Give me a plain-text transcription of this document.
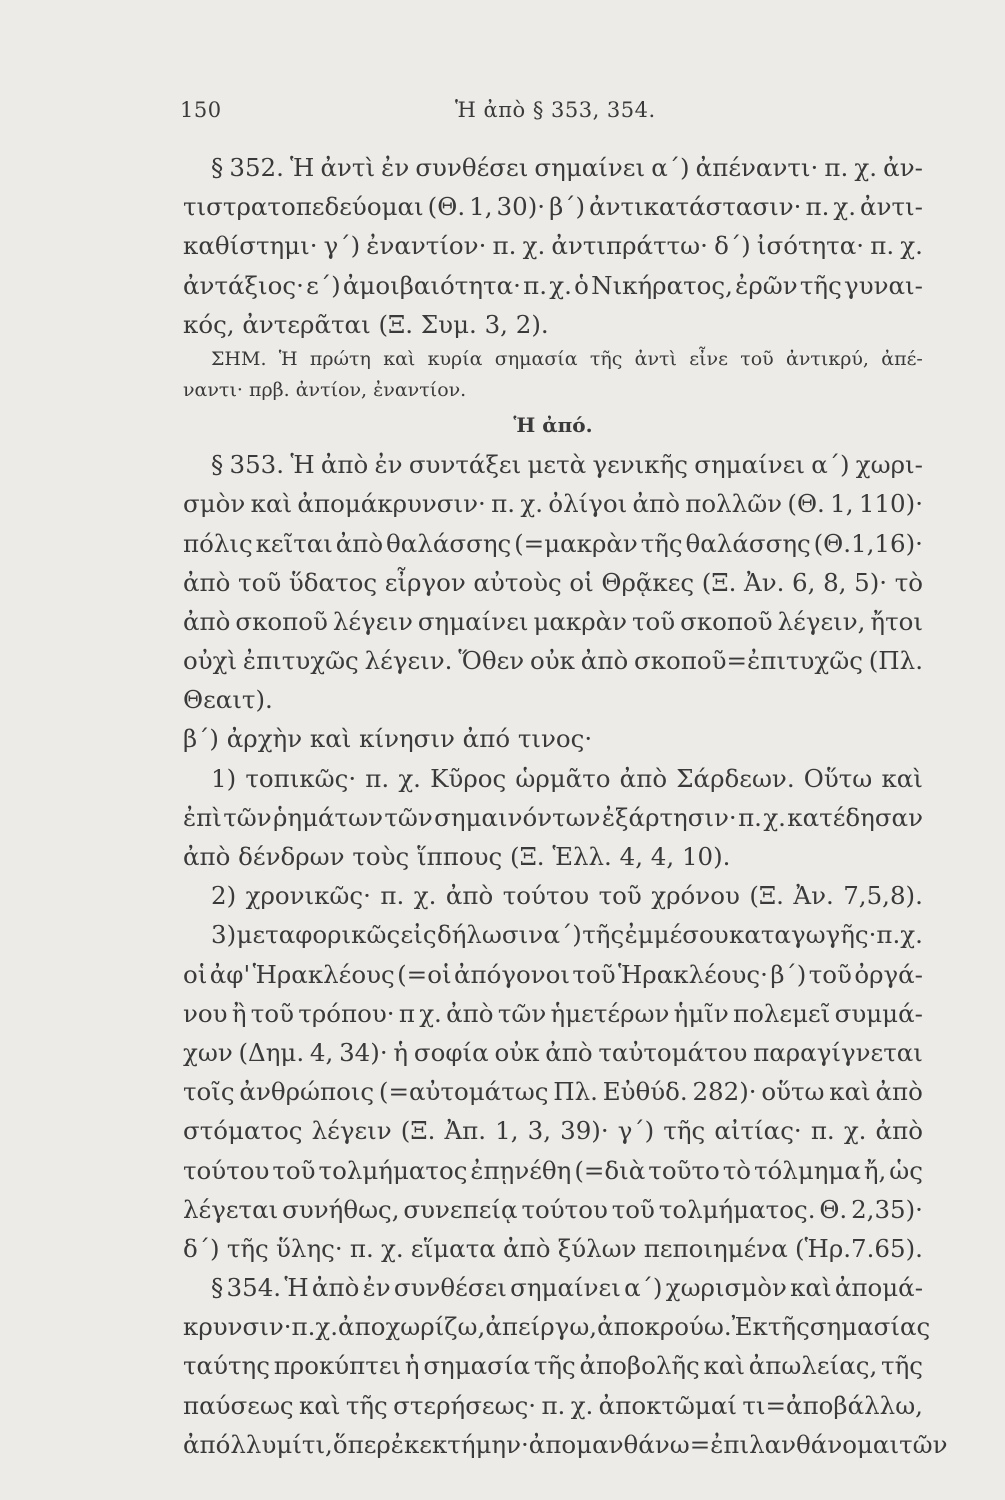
150	Ἡ ἀπὸ § 353, 354.
§ 352. Ἡ ἀντὶ ἐν συνθέσει σημαίνει α΄) ἀπέναντι· π. χ. ἀν-
τιστρατοπεδεύομαι (Θ. 1, 30)· β΄) ἀντικατάστασιν· π. χ. ἀντι-
καθίστημι· γ΄) ἐναντίον· π. χ. ἀντιπράττω· δ΄) ἰσότητα· π. χ.
ἀντάξιος· ε΄) ἀμοιβαιότητα· π. χ. ὁ Νικήρατος, ἐρῶν τῆς γυναι-
κός, ἀντερᾶται (Ξ. Συμ. 3, 2).
ΣΗΜ. Ἡ πρώτη καὶ κυρία σημασία τῆς ἀντὶ εἶνε τοῦ ἀντικρύ, ἀπέ-
ναντι· πρβ. ἀντίον, ἐναντίον.
Ἡ ἀπό.
§ 353. Ἡ ἀπὸ ἐν συντάξει μετὰ γενικῆς σημαίνει α΄) χωρι-
σμὸν καὶ ἀπομάκρυνσιν· π. χ. ὀλίγοι ἀπὸ πολλῶν (Θ. 1, 110)·
πόλις κεῖται ἀπὸ θαλάσσης (=μακρὰν τῆς θαλάσσης (Θ.1,16)·
ἀπὸ τοῦ ὕδατος εἶργον αὐτοὺς οἱ Θρᾷκες (Ξ. Ἀν. 6, 8, 5)· τὸ
ἀπὸ σκοποῦ λέγειν σημαίνει μακρὰν τοῦ σκοποῦ λέγειν, ἤτοι
οὐχὶ ἐπιτυχῶς λέγειν. Ὅθεν οὐκ ἀπὸ σκοποῦ=ἐπιτυχῶς (Πλ.
Θεαιτ).
β΄) ἀρχὴν καὶ κίνησιν ἀπό τινος·
1) τοπικῶς· π. χ. Κῦρος ὡρμᾶτο ἀπὸ Σάρδεων. Οὕτω καὶ
ἐπὶ τῶν ῥημάτων τῶν σημαινόντων ἐξάρτησιν· π. χ. κατέδησαν
ἀπὸ δένδρων τοὺς ἵππους (Ξ. Ἑλλ. 4, 4, 10).
2) χρονικῶς· π. χ. ἀπὸ τούτου τοῦ χρόνου (Ξ. Ἀν. 7,5,8).
3) μεταφορικῶς εἰς δήλωσιν α΄) τῆς ἐμμέσου καταγωγῆς·π.χ.
οἱ ἀφ' Ἡρακλέους (=οἱ ἀπόγονοι τοῦ Ἡρακλέους· β΄) τοῦ ὀργά-
νου ἢ τοῦ τρόπου· π χ. ἀπὸ τῶν ἡμετέρων ἡμῖν πολεμεῖ συμμά-
χων (Δημ. 4, 34)· ἡ σοφία οὐκ ἀπὸ ταὐτομάτου παραγίγνεται
τοῖς ἀνθρώποις (=αὐτομάτως Πλ. Εὐθύδ. 282)· οὕτω καὶ ἀπὸ
στόματος λέγειν (Ξ. Ἀπ. 1, 3, 39)· γ΄) τῆς αἰτίας· π. χ. ἀπὸ
τούτου τοῦ τολμήματος ἐπῃνέθη (=διὰ τοῦτο τὸ τόλμημα ἤ, ὡς
λέγεται συνήθως, συνεπείᾳ τούτου τοῦ τολμήματος. Θ. 2,35)·
δ΄) τῆς ὕλης· π. χ. εἵματα ἀπὸ ξύλων πεποιημένα (Ἡρ.7.65).
§ 354. Ἡ ἀπὸ ἐν συνθέσει σημαίνει α΄) χωρισμὸν καὶ ἀπομά-
κρυνσιν· π. χ. ἀποχωρίζω, ἀπείργω, ἀποκρούω. Ἐκ τῆς σημασίας
ταύτης προκύπτει ἡ σημασία τῆς ἀποβολῆς καὶ ἀπωλείας, τῆς
παύσεως καὶ τῆς στερήσεως· π. χ. ἀποκτῶμαί τι=ἀποβάλλω,
ἀπόλλυμί τι, ὅπερ ἐκεκτήμην· ἀπομανθάνω=ἐπιλανθάνομαι τῶν
